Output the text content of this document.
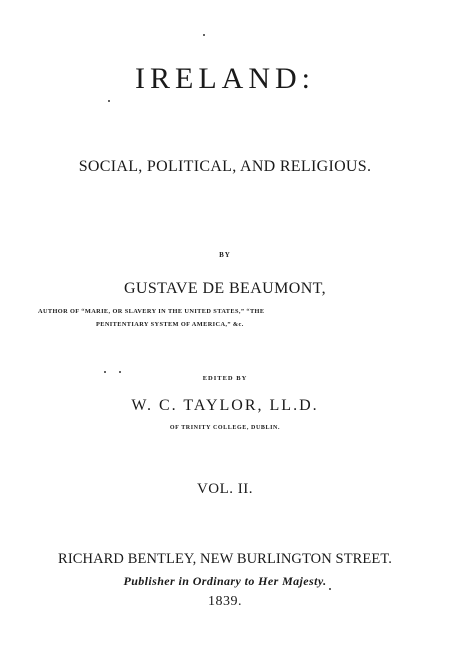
IRELAND:
SOCIAL, POLITICAL, AND RELIGIOUS.
BY
GUSTAVE DE BEAUMONT,
AUTHOR OF “MARIE, OR SLAVERY IN THE UNITED STATES,” “THE
PENITENTIARY SYSTEM OF AMERICA,” &c.
EDITED BY
W. C. TAYLOR, LL.D.
OF TRINITY COLLEGE, DUBLIN.
VOL. II.
RICHARD BENTLEY, NEW BURLINGTON STREET.
Publisher in Ordinary to Her Majesty.
1839.
